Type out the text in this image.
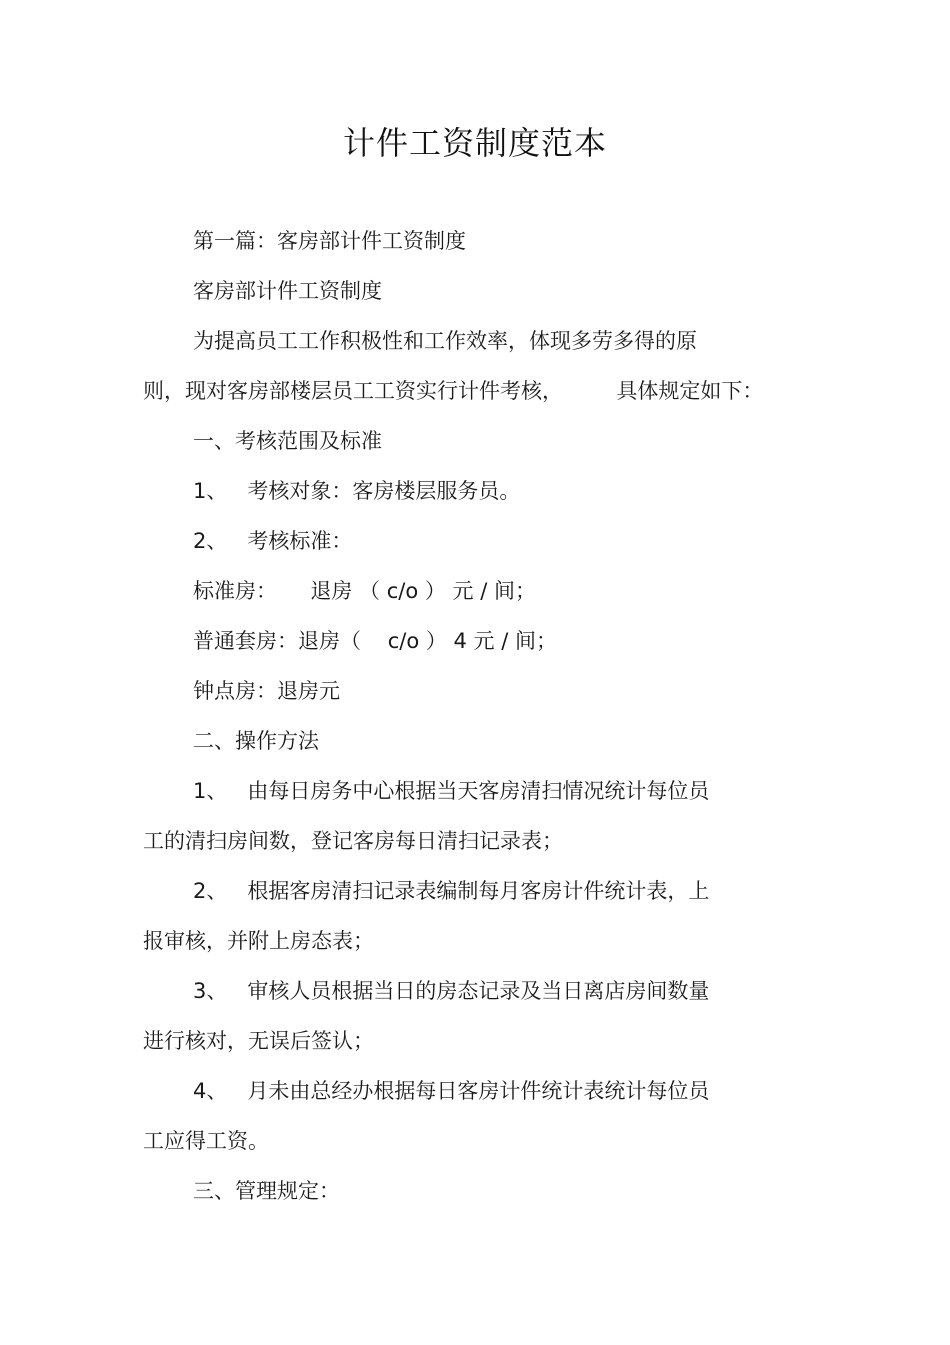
计件工资制度范本
第一篇：客房部计件工资制度
客房部计件工资制度
为提高员工工作积极性和工作效率，体现多劳多得的原
则，现对客房部楼层员工工资实行计件考核，        具体规定如下：
一、考核范围及标准
1、   考核对象：客房楼层服务员。
2、   考核标准：
标准房：     退房 （ c/o ） 元 / 间；
普通套房：退房（    c/o ） 4 元 / 间；
钟点房：退房元
二、操作方法
1、   由每日房务中心根据当天客房清扫情况统计每位员
工的清扫房间数，登记客房每日清扫记录表；
2、   根据客房清扫记录表编制每月客房计件统计表，上
报审核，并附上房态表；
3、   审核人员根据当日的房态记录及当日离店房间数量
进行核对，无误后签认；
4、   月未由总经办根据每日客房计件统计表统计每位员
工应得工资。
三、管理规定：
